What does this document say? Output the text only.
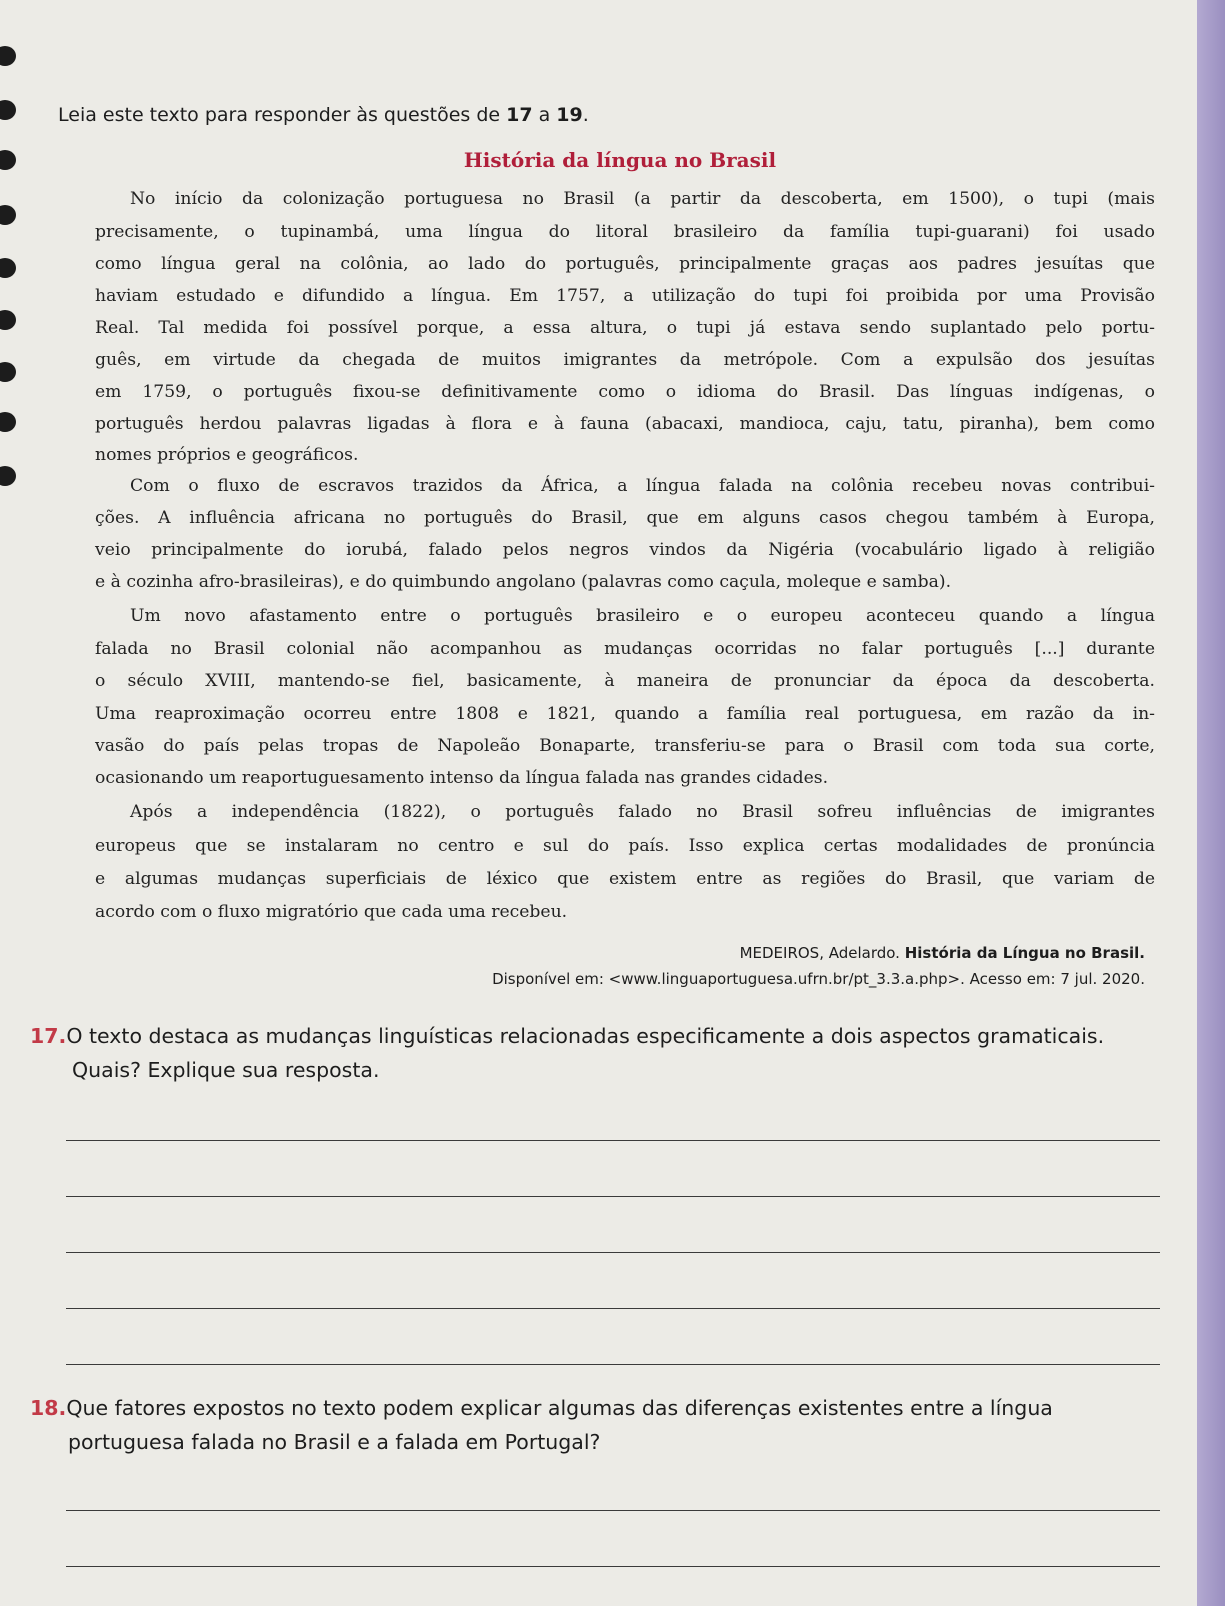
Leia este texto para responder às questões de 17 a 19.

História da língua no Brasil

No início da colonização portuguesa no Brasil (a partir da descoberta, em 1500), o tupi (mais

precisamente, o tupinambá, uma língua do litoral brasileiro da família tupi-guarani) foi usado

como língua geral na colônia, ao lado do português, principalmente graças aos padres jesuítas que

haviam estudado e difundido a língua. Em 1757, a utilização do tupi foi proibida por uma Provisão

Real. Tal medida foi possível porque, a essa altura, o tupi já estava sendo suplantado pelo portu-

guês, em virtude da chegada de muitos imigrantes da metrópole. Com a expulsão dos jesuítas

em 1759, o português fixou-se definitivamente como o idioma do Brasil. Das línguas indígenas, o

português herdou palavras ligadas à flora e à fauna (abacaxi, mandioca, caju, tatu, piranha), bem como

nomes próprios e geográficos.

Com o fluxo de escravos trazidos da África, a língua falada na colônia recebeu novas contribui-

ções. A influência africana no português do Brasil, que em alguns casos chegou também à Europa,

veio principalmente do iorubá, falado pelos negros vindos da Nigéria (vocabulário ligado à religião

e à cozinha afro-brasileiras), e do quimbundo angolano (palavras como caçula, moleque e samba).

Um novo afastamento entre o português brasileiro e o europeu aconteceu quando a língua

falada no Brasil colonial não acompanhou as mudanças ocorridas no falar português [...] durante

o século XVIII, mantendo-se fiel, basicamente, à maneira de pronunciar da época da descoberta.

Uma reaproximação ocorreu entre 1808 e 1821, quando a família real portuguesa, em razão da in-

vasão do país pelas tropas de Napoleão Bonaparte, transferiu-se para o Brasil com toda sua corte,

ocasionando um reaportuguesamento intenso da língua falada nas grandes cidades.

Após a independência (1822), o português falado no Brasil sofreu influências de imigrantes

europeus que se instalaram no centro e sul do país. Isso explica certas modalidades de pronúncia

e algumas mudanças superficiais de léxico que existem entre as regiões do Brasil, que variam de

acordo com o fluxo migratório que cada uma recebeu.

MEDEIROS, Adelardo. História da Língua no Brasil.

Disponível em: <www.linguaportuguesa.ufrn.br/pt_3.3.a.php>. Acesso em: 7 jul. 2020.

17.O texto destaca as mudanças linguísticas relacionadas especificamente a dois aspectos gramaticais.

Quais? Explique sua resposta.

18.Que fatores expostos no texto podem explicar algumas das diferenças existentes entre a língua

portuguesa falada no Brasil e a falada em Portugal?
